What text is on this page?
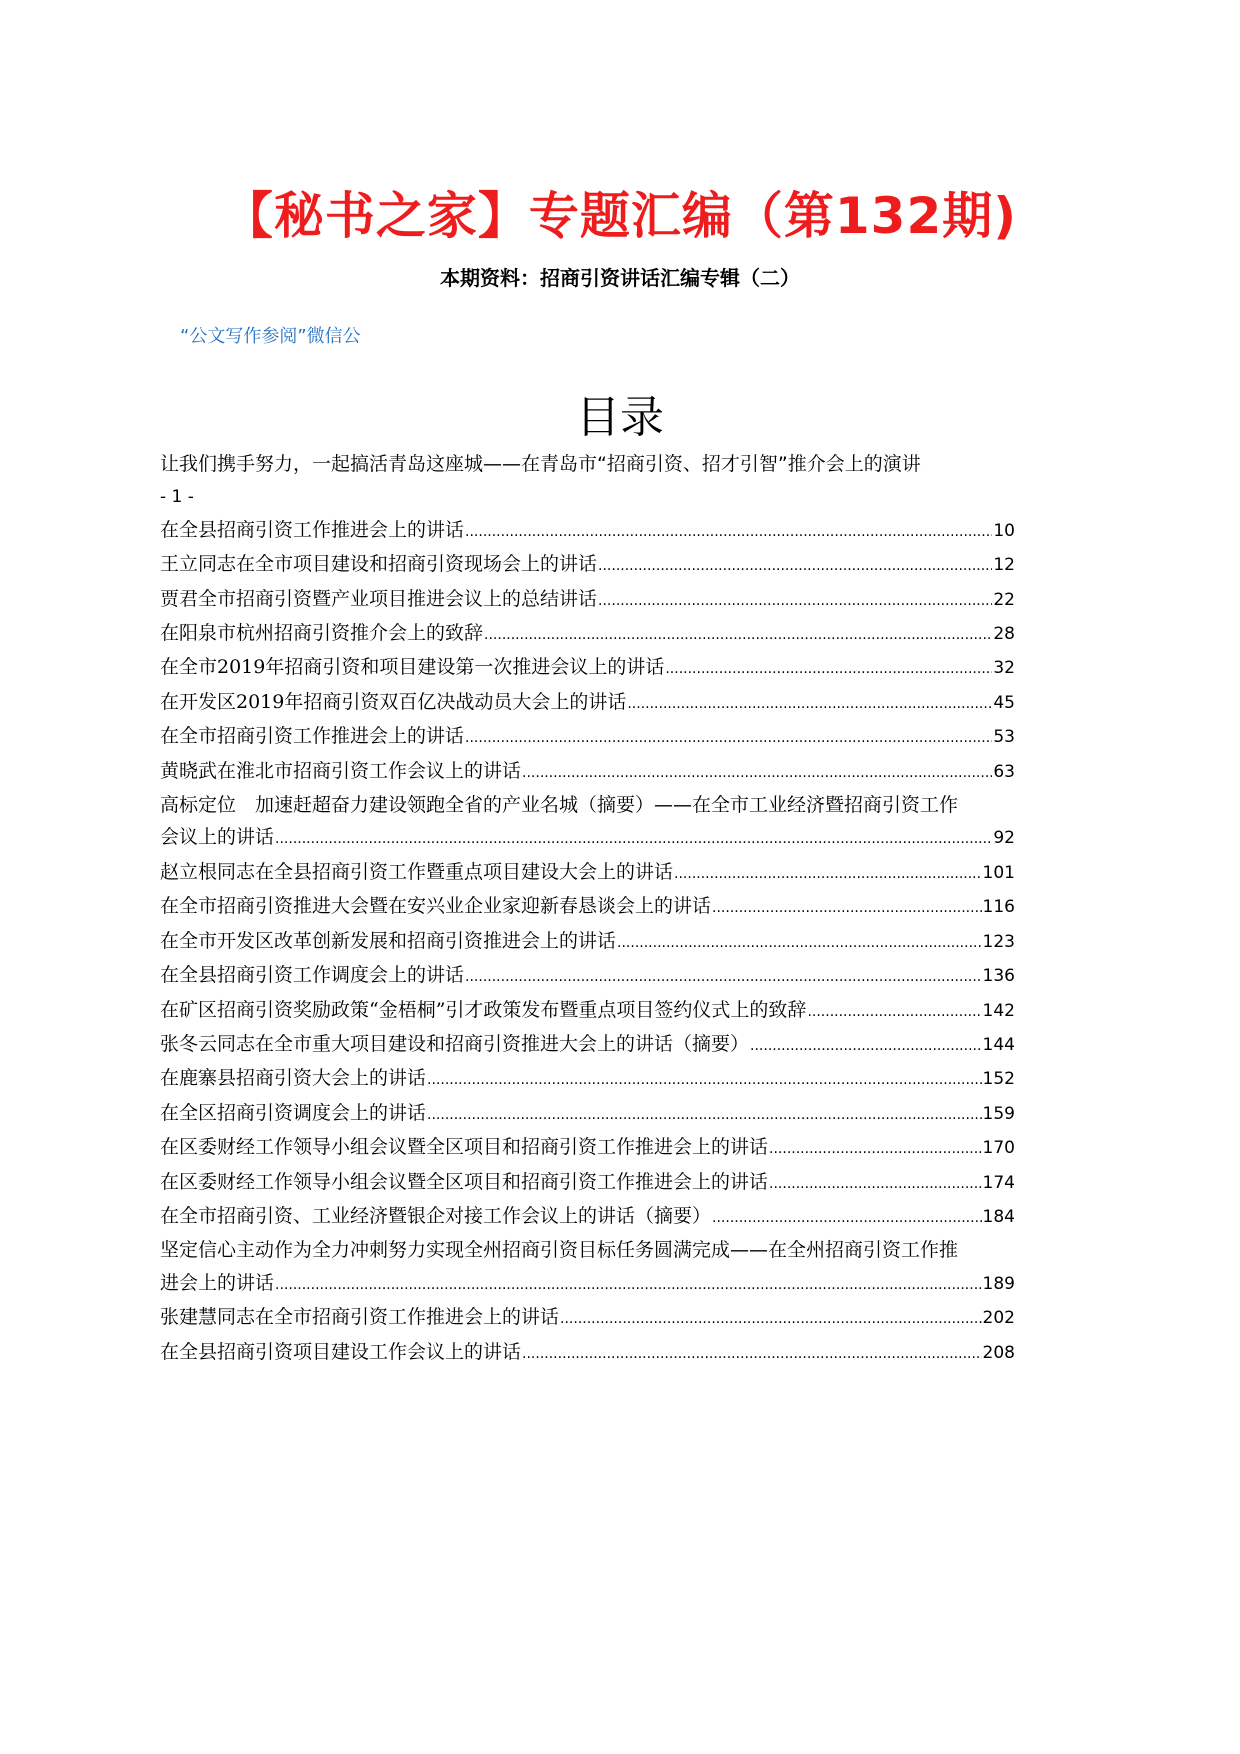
【秘书之家】专题汇编（第132期)
本期资料：招商引资讲话汇编专辑（二）
“公文写作参阅”微信公
目录
让我们携手努力，一起搞活青岛这座城——在青岛市“招商引资、招才引智”推介会上的演讲
- 1 -
在全县招商引资工作推进会上的讲话 .....	10
王立同志在全市项目建设和招商引资现场会上的讲话 .....	12
贾君全市招商引资暨产业项目推进会议上的总结讲话 .....	22
在阳泉市杭州招商引资推介会上的致辞 .....	28
在全市2019年招商引资和项目建设第一次推进会议上的讲话 .....	32
在开发区2019年招商引资双百亿决战动员大会上的讲话 .....	45
在全市招商引资工作推进会上的讲话 .....	53
黄晓武在淮北市招商引资工作会议上的讲话 .....	63
高标定位　加速赶超奋力建设领跑全省的产业名城（摘要）——在全市工业经济暨招商引资工作
会议上的讲话 .....	92
赵立根同志在全县招商引资工作暨重点项目建设大会上的讲话 .....	101
在全市招商引资推进大会暨在安兴业企业家迎新春恳谈会上的讲话 .....	116
在全市开发区改革创新发展和招商引资推进会上的讲话 .....	123
在全县招商引资工作调度会上的讲话 .....	136
在矿区招商引资奖励政策“金梧桐”引才政策发布暨重点项目签约仪式上的致辞 .....	142
张冬云同志在全市重大项目建设和招商引资推进大会上的讲话（摘要） .....	144
在鹿寨县招商引资大会上的讲话 .....	152
在全区招商引资调度会上的讲话 .....	159
在区委财经工作领导小组会议暨全区项目和招商引资工作推进会上的讲话 .....	170
在区委财经工作领导小组会议暨全区项目和招商引资工作推进会上的讲话 .....	174
在全市招商引资、工业经济暨银企对接工作会议上的讲话（摘要） .....	184
坚定信心主动作为全力冲刺努力实现全州招商引资目标任务圆满完成——在全州招商引资工作推
进会上的讲话 .....	189
张建慧同志在全市招商引资工作推进会上的讲话 .....	202
在全县招商引资项目建设工作会议上的讲话 .....	208
